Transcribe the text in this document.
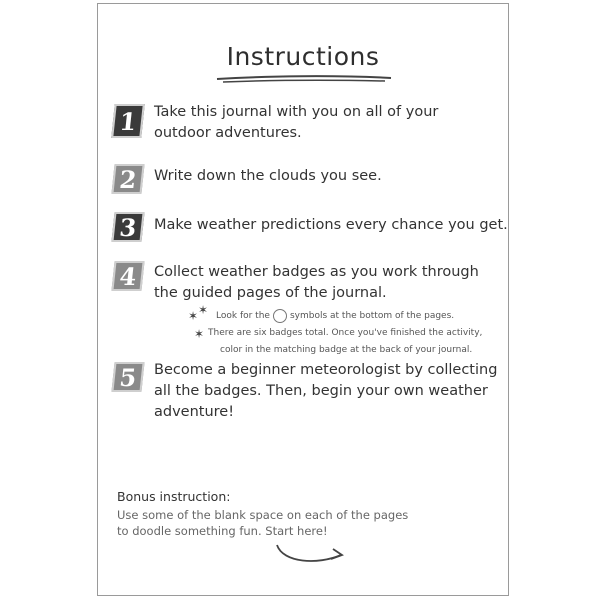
Instructions
1	Take this journal with you on all of your
outdoor adventures.
2	Write down the clouds you see.
3	Make weather predictions every chance you get.
4	Collect weather badges as you work through
the guided pages of the journal.
✶ ✶
✶
Look for the symbols at the bottom of the pages.
There are six badges total. Once you've finished the activity,
color in the matching badge at the back of your journal.
5	Become a beginner meteorologist by collecting
all the badges. Then, begin your own weather
adventure!
Bonus instruction:
Use some of the blank space on each of the pages
to doodle something fun. Start here!
